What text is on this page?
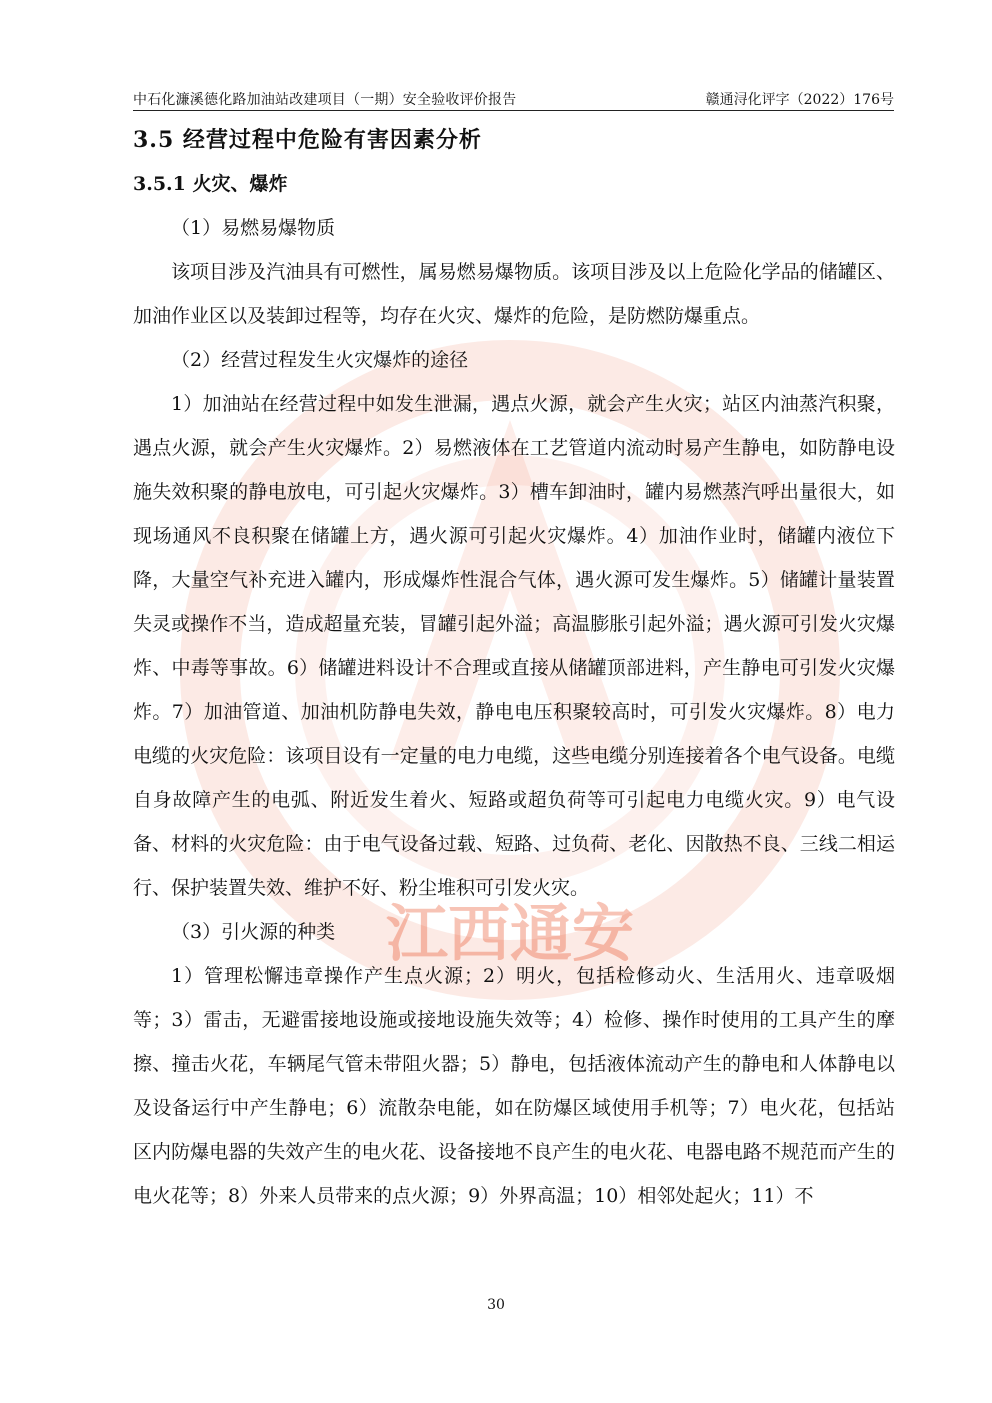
中石化濂溪德化路加油站改建项目（一期）安全验收评价报告	赣通浔化评字（2022）176号
江西通安
3.5 经营过程中危险有害因素分析
3.5.1 火灾、爆炸

（1）易燃易爆物质

该项目涉及汽油具有可燃性，属易燃易爆物质。该项目涉及以上危险化学品的储罐区、加油作业区以及装卸过程等，均存在火灾、爆炸的危险，是防燃防爆重点。

（2）经营过程发生火灾爆炸的途径

1）加油站在经营过程中如发生泄漏，遇点火源，就会产生火灾；站区内油蒸汽积聚，遇点火源，就会产生火灾爆炸。2）易燃液体在工艺管道内流动时易产生静电，如防静电设施失效积聚的静电放电，可引起火灾爆炸。3）槽车卸油时，罐内易燃蒸汽呼出量很大，如现场通风不良积聚在储罐上方，遇火源可引起火灾爆炸。4）加油作业时，储罐内液位下降，大量空气补充进入罐内，形成爆炸性混合气体，遇火源可发生爆炸。5）储罐计量装置失灵或操作不当，造成超量充装，冒罐引起外溢；高温膨胀引起外溢；遇火源可引发火灾爆炸、中毒等事故。6）储罐进料设计不合理或直接从储罐顶部进料，产生静电可引发火灾爆炸。7）加油管道、加油机防静电失效，静电电压积聚较高时，可引发火灾爆炸。8）电力电缆的火灾危险：该项目设有一定量的电力电缆，这些电缆分别连接着各个电气设备。电缆自身故障产生的电弧、附近发生着火、短路或超负荷等可引起电力电缆火灾。9）电气设备、材料的火灾危险：由于电气设备过载、短路、过负荷、老化、因散热不良、三线二相运行、保护装置失效、维护不好、粉尘堆积可引发火灾。

（3）引火源的种类

1）管理松懈违章操作产生点火源；2）明火，包括检修动火、生活用火、违章吸烟等；3）雷击，无避雷接地设施或接地设施失效等；4）检修、操作时使用的工具产生的摩擦、撞击火花，车辆尾气管未带阻火器；5）静电，包括液体流动产生的静电和人体静电以及设备运行中产生静电；6）流散杂电能，如在防爆区域使用手机等；7）电火花，包括站区内防爆电器的失效产生的电火花、设备接地不良产生的电火花、电器电路不规范而产生的电火花等；8）外来人员带来的点火源；9）外界高温；10）相邻处起火；11）不

30
